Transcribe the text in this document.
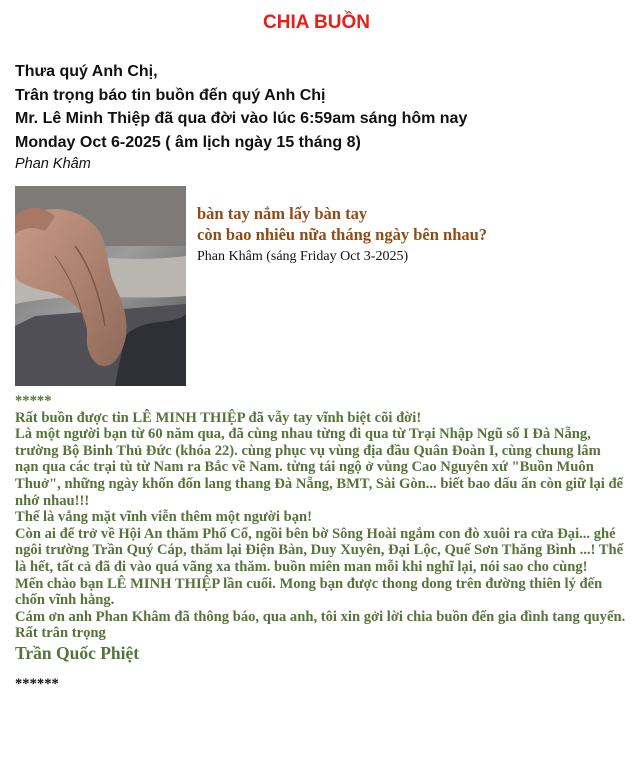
CHIA BUỒN
Thưa quý Anh Chị,
Trân trọng báo tin buồn đến quý Anh Chị
Mr. Lê Minh Thiệp đã qua đời vào lúc 6:59am sáng hôm nay
Monday Oct 6-2025 ( âm lịch ngày 15 tháng 8)
Phan Khâm
bàn tay nắm lấy bàn tay
còn bao nhiêu nữa tháng ngày bên nhau?
Phan Khâm (sáng Friday Oct 3-2025)

*****

Rất buồn được tin LÊ MINH THIỆP đã vẫy tay vĩnh biệt cõi đời!

Là một người bạn từ 60 năm qua, đã cùng nhau từng đi qua từ Trại Nhập Ngũ số I Đà Nẵng, trường Bộ Binh Thủ Đức (khóa 22). cùng phục vụ vùng địa đầu Quân Đoàn I, cùng chung lâm nạn qua các trại tù từ Nam ra Bắc về Nam. từng tái ngộ ở vùng Cao Nguyên xứ "Buồn Muôn Thuở", những ngày khốn đốn lang thang Đà Nẵng, BMT, Sài Gòn... biết bao dấu ấn còn giữ lại để nhớ nhau!!!

Thế là vắng mặt vĩnh viễn thêm một người bạn!

Còn ai để trở về Hội An thăm Phố Cổ, ngồi bên bờ Sông Hoài ngắm con đò xuôi ra cửa Đại... ghé ngôi trường Trần Quý Cáp, thăm lại Điện Bàn, Duy Xuyên, Đại Lộc, Quế Sơn Thăng Bình ...! Thế là hết, tất cả đã đi vào quá vãng xa thăm. buồn miên man mỗi khi nghĩ lại, nói sao cho cùng!

Mến chào bạn LÊ MINH THIỆP lần cuối. Mong bạn được thong dong trên đường thiên lý đến chốn vĩnh hằng.

Cám ơn anh Phan Khâm đã thông báo, qua anh, tôi xin gởi lời chia buồn đến gia đình tang quyến.

Rất trân trọng

Trần Quốc Phiệt

******
